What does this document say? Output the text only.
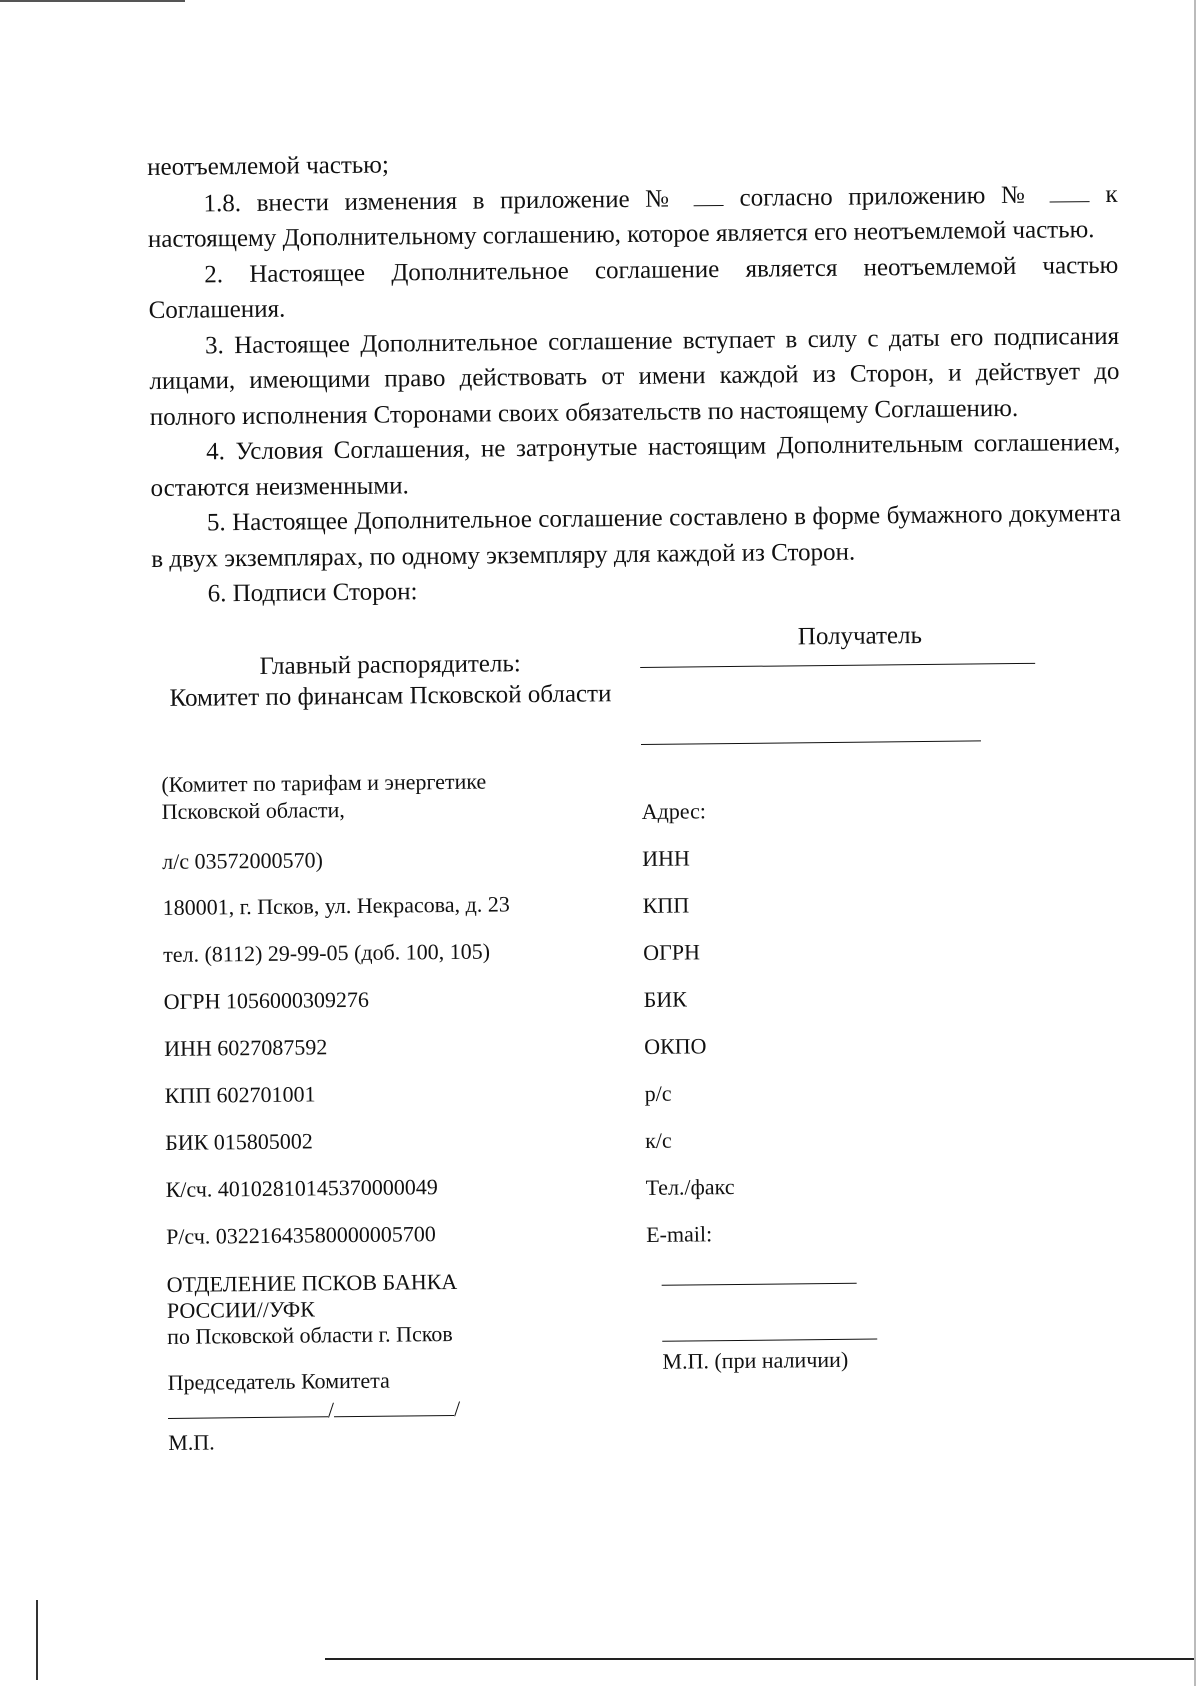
неотъемлемой частью;

1.8. внести изменения в приложение № согласно приложению №	к настоящему Дополнительному соглашению, которое является его неотъемлемой частью.

2. Настоящее Дополнительное соглашение является неотъемлемой частью Соглашения.

3. Настоящее Дополнительное соглашение вступает в силу с даты его подписания лицами, имеющими право действовать от имени каждой из Сторон, и действует до полного исполнения Сторонами своих обязательств по настоящему Соглашению.

4. Условия Соглашения, не затронутые настоящим Дополнительным соглашением, остаются неизменными.

5. Настоящее Дополнительное соглашение составлено в форме бумажного документа в двух экземплярах, по одному экземпляру для каждой из Сторон.

6. Подписи Сторон:

Главный распорядитель:
Комитет по финансам Псковской области
(Комитет по тарифам и энергетике
Псковской области,
л/с 03572000570)
180001, г. Псков, ул. Некрасова, д. 23
тел. (8112) 29-99-05 (доб. 100, 105)
ОГРН 1056000309276
ИНН 6027087592
КПП 602701001
БИК 015805002
К/сч. 40102810145370000049
Р/сч. 03221643580000005700
ОТДЕЛЕНИЕ ПСКОВ БАНКА
РОССИИ//УФК
по Псковской области г. Псков
Председатель Комитета
/	/
М.П.
Получатель
Адрес:
ИНН
КПП
ОГРН
БИК
ОКПО
р/с
к/с
Тел./факс
E-mail:
М.П. (при наличии)
